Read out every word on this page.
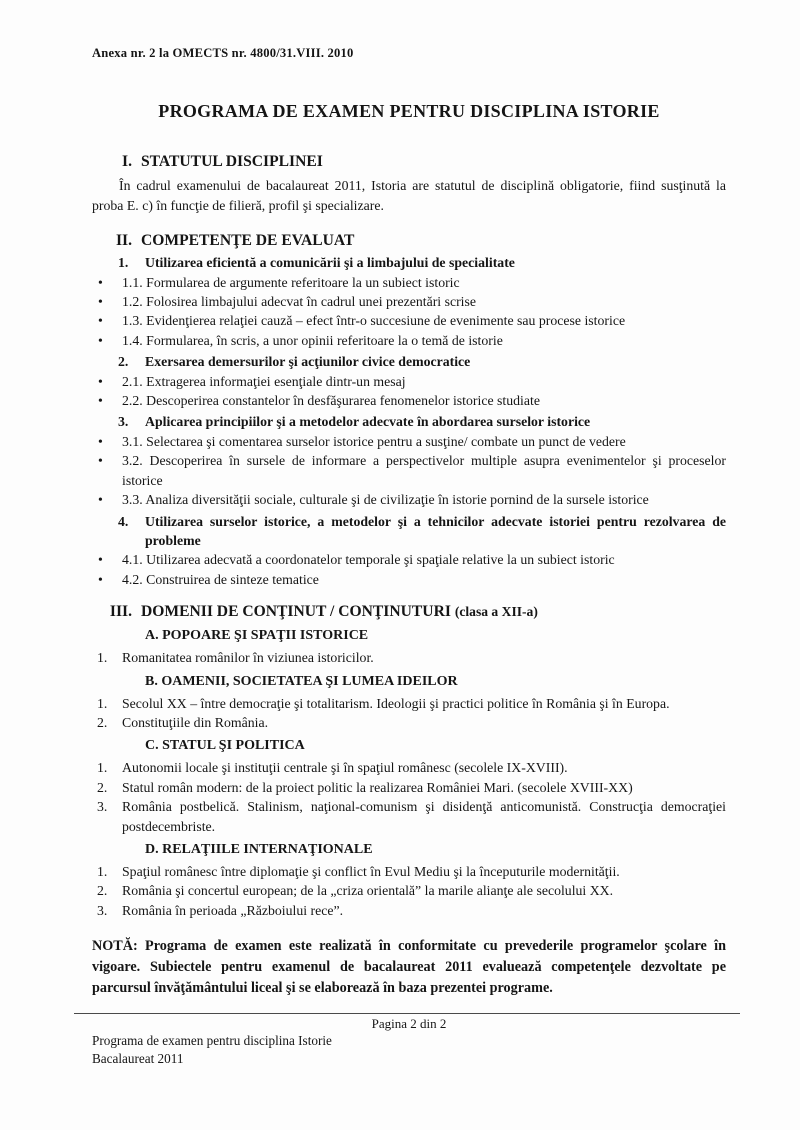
Anexa nr. 2 la OMECTS nr. 4800/31.VIII. 2010
PROGRAMA DE EXAMEN PENTRU DISCIPLINA ISTORIE
I. STATUTUL DISCIPLINEI

În cadrul examenului de bacalaureat 2011, Istoria are statutul de disciplină obligatorie, fiind susţinută la proba E. c) în funcţie de filieră, profil şi specializare.

II. COMPETENŢE DE EVALUAT
1. Utilizarea eficientă a comunicării şi a limbajului de specialitate
• 1.1. Formularea de argumente referitoare la un subiect istoric
• 1.2. Folosirea limbajului adecvat în cadrul unei prezentări scrise
• 1.3. Evidenţierea relaţiei cauză – efect într-o succesiune de evenimente sau procese istorice
• 1.4. Formularea, în scris, a unor opinii referitoare la o temă de istorie
2. Exersarea demersurilor şi acţiunilor civice democratice
• 2.1. Extragerea informaţiei esenţiale dintr-un mesaj
• 2.2. Descoperirea constantelor în desfăşurarea fenomenelor istorice studiate
3. Aplicarea principiilor şi a metodelor adecvate în abordarea surselor istorice
• 3.1. Selectarea şi comentarea surselor istorice pentru a susţine/ combate un punct de vedere
• 3.2. Descoperirea în sursele de informare a perspectivelor multiple asupra evenimentelor şi proceselor istorice
• 3.3. Analiza diversităţii sociale, culturale şi de civilizaţie în istorie pornind de la sursele istorice
4. Utilizarea surselor istorice, a metodelor şi a tehnicilor adecvate istoriei pentru rezolvarea de probleme
• 4.1. Utilizarea adecvată a coordonatelor temporale şi spaţiale relative la un subiect istoric
• 4.2. Construirea de sinteze tematice
III. DOMENII DE CONŢINUT / CONŢINUTURI (clasa a XII-a)
A. POPOARE ŞI SPAŢII ISTORICE
1. Romanitatea românilor în viziunea istoricilor.
B. OAMENII, SOCIETATEA ŞI LUMEA IDEILOR
1. Secolul XX – între democraţie şi totalitarism. Ideologii şi practici politice în România şi în Europa.
2. Constituţiile din România.
C. STATUL ŞI POLITICA
1. Autonomii locale şi instituţii centrale şi în spaţiul românesc (secolele IX-XVIII).
2. Statul român modern: de la proiect politic la realizarea României Mari. (secolele XVIII-XX)
3. România postbelică. Stalinism, naţional-comunism şi disidenţă anticomunistă. Construcţia democraţiei postdecembriste.
D. RELAŢIILE INTERNAŢIONALE
1. Spaţiul românesc între diplomaţie şi conflict în Evul Mediu şi la începuturile modernităţii.
2. România şi concertul european; de la „criza orientală” la marile alianţe ale secolului XX.
3. România în perioada „Războiului rece”.

NOTĂ: Programa de examen este realizată în conformitate cu prevederile programelor şcolare în vigoare. Subiectele pentru examenul de bacalaureat 2011 evaluează competenţele dezvoltate pe parcursul învăţământului liceal şi se elaborează în baza prezentei programe.

Pagina 2 din 2
Programa de examen pentru disciplina Istorie
Bacalaureat 2011
